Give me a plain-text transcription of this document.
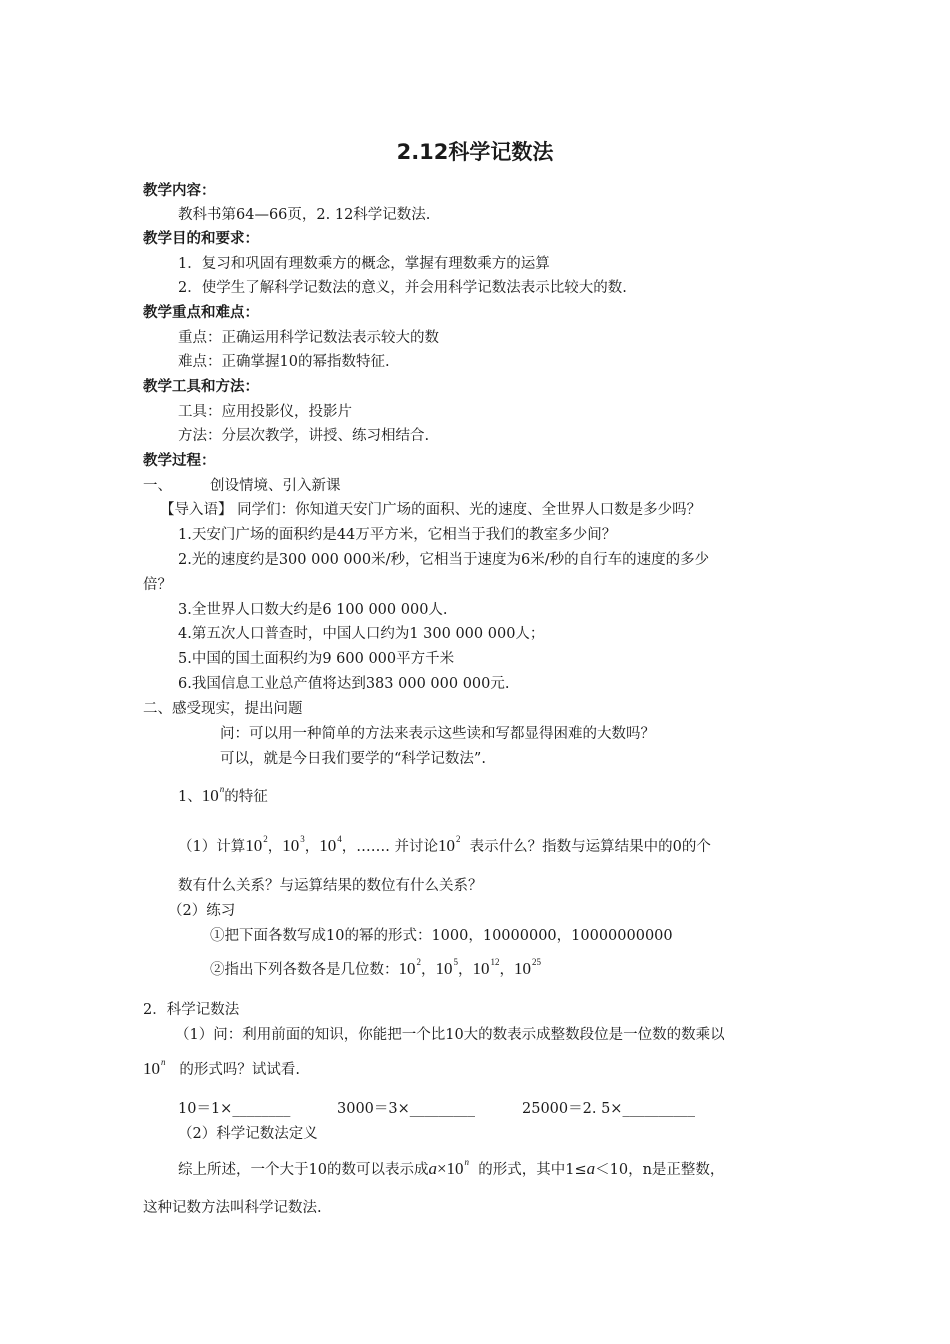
2.12科学记数法
教学内容：
教科书第64—66页，2. 12科学记数法.
教学目的和要求：
1．复习和巩固有理数乘方的概念，掌握有理数乘方的运算
2．使学生了解科学记数法的意义，并会用科学记数法表示比较大的数.
教学重点和难点：
重点：正确运用科学记数法表示较大的数
难点：正确掌握10的幂指数特征.
教学工具和方法：
工具：应用投影仪，投影片
方法：分层次教学，讲授、练习相结合.
教学过程：
一、	创设情境、引入新课
【导入语】 同学们：你知道天安门广场的面积、光的速度、全世界人口数是多少吗？
1.天安门广场的面积约是44万平方米，它相当于我们的教室多少间？
2.光的速度约是300 000 000米/秒，它相当于速度为6米/秒的自行车的速度的多少
倍？
3.全世界人口数大约是6 100 000 000人.
4.第五次人口普查时，中国人口约为1 300 000 000人；
5.中国的国土面积约为9 600 000平方千米
6.我国信息工业总产值将达到383 000 000 000元.
二、感受现实，提出问题
问：可以用一种简单的方法来表示这些读和写都显得困难的大数吗？
可以，就是今日我们要学的“科学记数法”.
1、10$^n$的特征
（1）计算$10^2$，$10^3$，$10^4$，……. 并讨论$10^2$ 表示什么？指数与运算结果中的0的个
数有什么关系？与运算结果的数位有什么关系？
（2）练习
①把下面各数写成10的幂的形式：1000，10000000，10000000000
②指出下列各数各是几位数：$10^2$，$10^5$，$10^{12}$，$10^{25}$
2．科学记数法
（1）问：利用前面的知识，你能把一个比10大的数表示成整数段位是一位数的数乘以
10$^n$ 的形式吗？试试看.
10＝1×________	3000＝3×_________	25000＝2. 5×__________
（2）科学记数法定义
综上所述，一个大于10的数可以表示成$a\times 10^n$ 的形式，其中1≤a＜10，n是正整数，
这种记数方法叫科学记数法.
